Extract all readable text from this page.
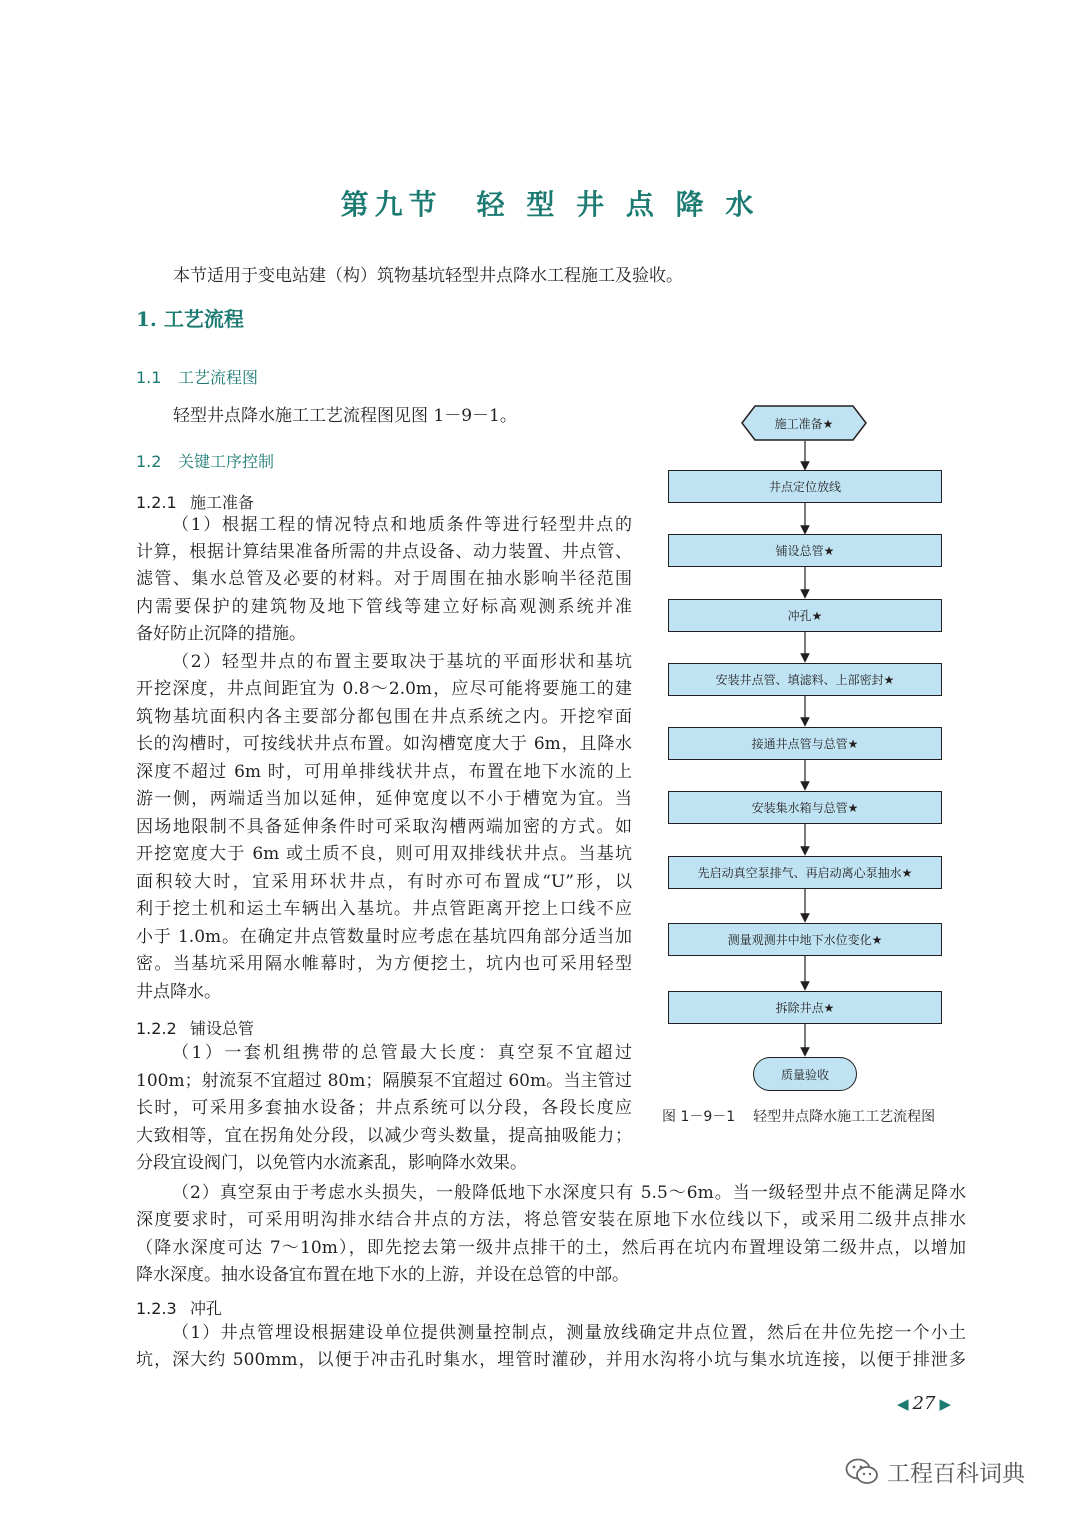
第九节　轻 型 井 点 降 水
本节适用于变电站建（构）筑物基坑轻型井点降水工程施工及验收。
1. 工艺流程
1.1 工艺流程图
轻型井点降水施工工艺流程图见图 1－9－1。
1.2 关键工序控制
1.2.1 施工准备
（1）根据工程的情况特点和地质条件等进行轻型井点的
计算，根据计算结果准备所需的井点设备、动力装置、井点管、
滤管、集水总管及必要的材料。对于周围在抽水影响半径范围
内需要保护的建筑物及地下管线等建立好标高观测系统并准
备好防止沉降的措施。
（2）轻型井点的布置主要取决于基坑的平面形状和基坑
开挖深度，井点间距宜为 0.8～2.0m，应尽可能将要施工的建
筑物基坑面积内各主要部分都包围在井点系统之内。开挖窄面
长的沟槽时，可按线状井点布置。如沟槽宽度大于 6m，且降水
深度不超过 6m 时，可用单排线状井点，布置在地下水流的上
游一侧，两端适当加以延伸，延伸宽度以不小于槽宽为宜。当
因场地限制不具备延伸条件时可采取沟槽两端加密的方式。如
开挖宽度大于 6m 或土质不良，则可用双排线状井点。当基坑
面积较大时，宜采用环状井点，有时亦可布置成“U”形，以
利于挖土机和运土车辆出入基坑。井点管距离开挖上口线不应
小于 1.0m。在确定井点管数量时应考虑在基坑四角部分适当加
密。当基坑采用隔水帷幕时，为方便挖土，坑内也可采用轻型
井点降水。
1.2.2 铺设总管
（1）一套机组携带的总管最大长度：真空泵不宜超过
100m；射流泵不宜超过 80m；隔膜泵不宜超过 60m。当主管过
长时，可采用多套抽水设备；井点系统可以分段，各段长度应
大致相等，宜在拐角处分段，以减少弯头数量，提高抽吸能力；
分段宜设阀门，以免管内水流紊乱，影响降水效果。
（2）真空泵由于考虑水头损失，一般降低地下水深度只有 5.5～6m。当一级轻型井点不能满足降水
深度要求时，可采用明沟排水结合井点的方法，将总管安装在原地下水位线以下，或采用二级井点排水
（降水深度可达 7～10m），即先挖去第一级井点排干的土，然后再在坑内布置埋设第二级井点，以增加
降水深度。抽水设备宜布置在地下水的上游，并设在总管的中部。
1.2.3 冲孔
（1）井点管埋设根据建设单位提供测量控制点，测量放线确定井点位置，然后在井位先挖一个小土
坑，深大约 500mm，以便于冲击孔时集水，埋管时灌砂，并用水沟将小坑与集水坑连接，以便于排泄多
施工准备★
井点定位放线
铺设总管★
冲孔★
安装井点管、填滤料、上部密封★
接通井点管与总管★
安装集水箱与总管★
先启动真空泵排气、再启动离心泵抽水★
测量观测井中地下水位变化★
拆除井点★
质量验收
图 1－9－1 轻型井点降水施工工艺流程图
◀ 27 ▶
工程百科词典
